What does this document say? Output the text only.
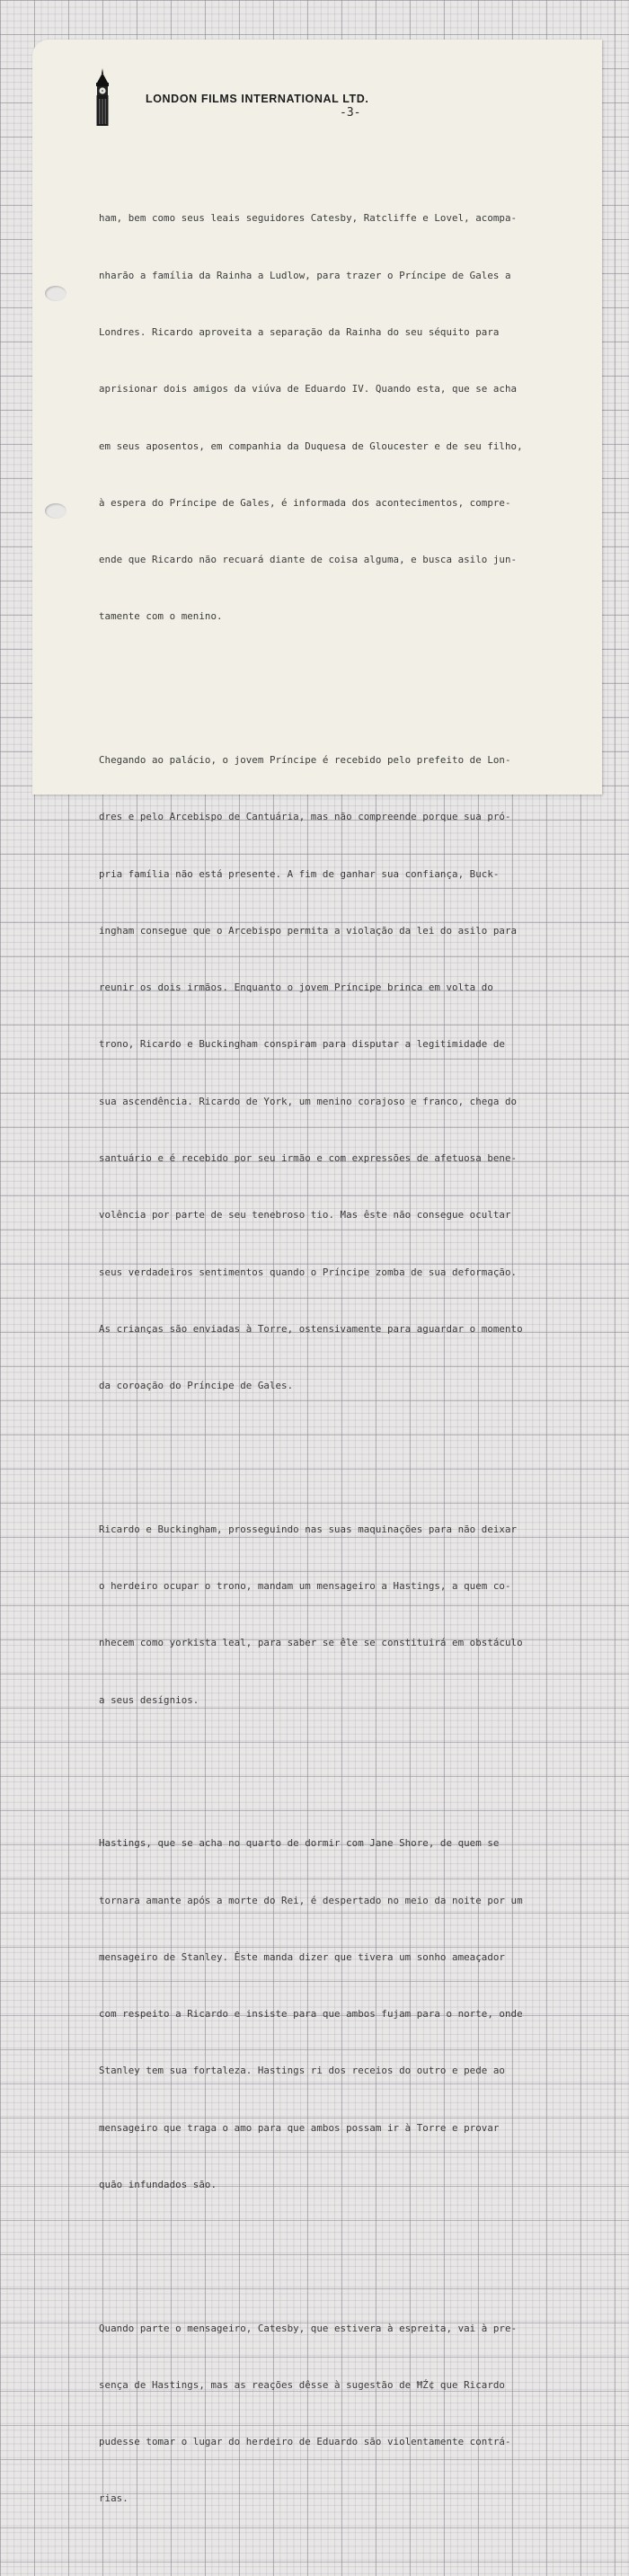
LONDON FILMS INTERNATIONAL LTD.
-3-

ham, bem como seus leais seguidores Catesby, Ratcliffe e Lovel, acompa-

nharão a família da Rainha a Ludlow, para trazer o Príncipe de Gales a

Londres. Ricardo aproveita a separação da Rainha do seu séquito para

aprisionar dois amigos da viúva de Eduardo IV. Quando esta, que se acha

em seus aposentos, em companhia da Duquesa de Gloucester e de seu filho,

à espera do Príncipe de Gales, é informada dos acontecimentos, compre-

ende que Ricardo não recuará diante de coisa alguma, e busca asilo jun-

tamente com o menino.

Chegando ao palácio, o jovem Príncipe é recebido pelo prefeito de Lon-

dres e pelo Arcebispo de Cantuária, mas não compreende porque sua pró-

pria família não está presente. A fim de ganhar sua confiança, Buck-

ingham consegue que o Arcebispo permita a violação da lei do asilo para

reunir os dois irmãos. Enquanto o jovem Príncipe brinca em volta do

trono, Ricardo e Buckingham conspiram para disputar a legitimidade de

sua ascendência. Ricardo de York, um menino corajoso e franco, chega do

santuário e é recebido por seu irmão e com expressões de afetuosa bene-

volência por parte de seu tenebroso tio. Mas êste não consegue ocultar

seus verdadeiros sentimentos quando o Príncipe zomba de sua deformação.

As crianças são enviadas à Torre, ostensivamente para aguardar o momento

da coroação do Príncipe de Gales.

Ricardo e Buckingham, prosseguindo nas suas maquinações para não deixar

o herdeiro ocupar o trono, mandam um mensageiro a Hastings, a quem co-

nhecem como yorkista leal, para saber se êle se constituirá em obstáculo

a seus desígnios.

Hastings, que se acha no quarto de dormir com Jane Shore, de quem se

tornara amante após a morte do Rei, é despertado no meio da noite por um

mensageiro de Stanley. Êste manda dizer que tivera um sonho ameaçador

com respeito a Ricardo e insiste para que ambos fujam para o norte, onde

Stanley tem sua fortaleza. Hastings ri dos receios do outro e pede ao

mensageiro que traga o amo para que ambos possam ir à Torre e provar

quão infundados são.

Quando parte o mensageiro, Catesby, que estivera à espreita, vai à pre-

sença de Hastings, mas as reações dêsse à sugestão de ĦŹ¢ que Ricardo

pudesse tomar o lugar do herdeiro de Eduardo são violentamente contrá-

rias.
